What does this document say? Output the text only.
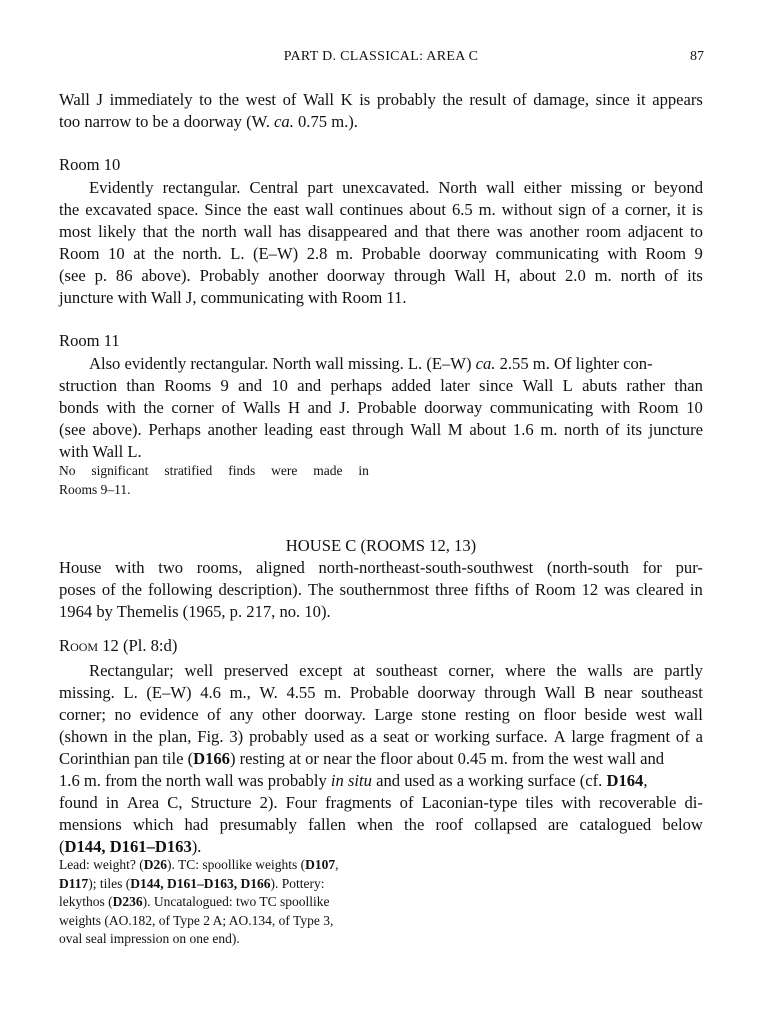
PART D. CLASSICAL: AREA C	87
Wall J immediately to the west of Wall K is probably the result of damage, since it appears
too narrow to be a doorway (W. ca. 0.75 m.).
Room 10
Evidently rectangular. Central part unexcavated. North wall either missing or beyond
the excavated space. Since the east wall continues about 6.5 m. without sign of a corner, it is
most likely that the north wall has disappeared and that there was another room adjacent to
Room 10 at the north. L. (E–W) 2.8 m. Probable doorway communicating with Room 9
(see p. 86 above). Probably another doorway through Wall H, about 2.0 m. north of its
juncture with Wall J, communicating with Room 11.
Room 11
Also evidently rectangular. North wall missing. L. (E–W) ca. 2.55 m. Of lighter con-
struction than Rooms 9 and 10 and perhaps added later since Wall L abuts rather than
bonds with the corner of Walls H and J. Probable doorway communicating with Room 10
(see above). Perhaps another leading east through Wall M about 1.6 m. north of its juncture
with Wall L.
No significant stratified finds were made in
Rooms 9–11.
HOUSE C (ROOMS 12, 13)
House with two rooms, aligned north-northeast-south-southwest (north-south for pur-
poses of the following description). The southernmost three fifths of Room 12 was cleared in
1964 by Themelis (1965, p. 217, no. 10).
Room 12 (Pl. 8:d)
Rectangular; well preserved except at southeast corner, where the walls are partly
missing. L. (E–W) 4.6 m., W. 4.55 m. Probable doorway through Wall B near southeast
corner; no evidence of any other doorway. Large stone resting on floor beside west wall
(shown in the plan, Fig. 3) probably used as a seat or working surface. A large fragment of a
Corinthian pan tile (D166) resting at or near the floor about 0.45 m. from the west wall and
1.6 m. from the north wall was probably in situ and used as a working surface (cf. D164,
found in Area C, Structure 2). Four fragments of Laconian-type tiles with recoverable di-
mensions which had presumably fallen when the roof collapsed are catalogued below
(D144, D161–D163).
Lead: weight? (D26). TC: spoollike weights (D107,
D117); tiles (D144, D161–D163, D166). Pottery:
lekythos (D236). Uncatalogued: two TC spoollike
weights (AO.182, of Type 2 A; AO.134, of Type 3,
oval seal impression on one end).
